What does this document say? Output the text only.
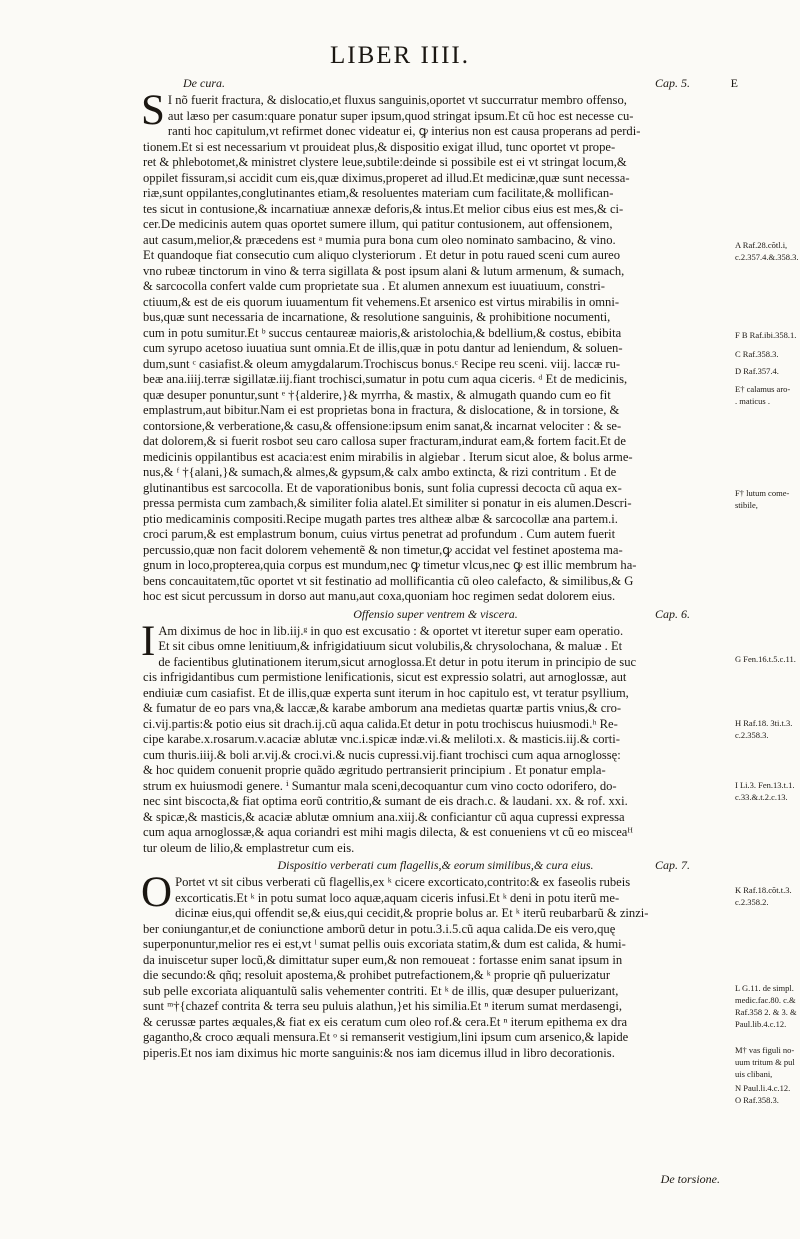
LIBER IIII.
De cura.	Cap. 5.	E
S I nõ fuerit fractura, & dislocatio,et fluxus sanguinis,oportet vt succurratur membro offenso,
aut læso per casum:quare ponatur super ipsum,quod stringat ipsum.Et cũ hoc est necesse cu-
ranti hoc capitulum,vt refirmet donec videatur ei, ꝙ interius non est causa properans ad perdi-
tionem.Et si est necessarium vt prouideat plus,& dispositio exigat illud, tunc oportet vt prope-
ret & phlebotomet,& ministret clystere leue,subtile:deinde si possibile est ei vt stringat locum,&
oppilet fissuram,si accidit cum eis,quæ diximus,properet ad illud.Et medicinæ,quæ sunt necessa-
riæ,sunt oppilantes,conglutinantes etiam,& resoluentes materiam cum facilitate,& mollifican-
tes sicut in contusione,& incarnatiuæ annexæ deforis,& intus.Et melior cibus eius est mes,& ci-
cer.De medicinis autem quas oportet sumere illum, qui patitur contusionem, aut offensionem,
aut casum,melior,& præcedens est ᵃ mumia pura bona cum oleo nominato sambacino, & vino.
Et quandoque fiat consecutio cum aliquo clysteriorum . Et detur in potu raued sceni cum aureo
vno rubeæ tinctorum in vino & terra sigillata & post ipsum alani & lutum armenum, & sumach,
& sarcocolla confert valde cum proprietate sua . Et alumen annexum est iuuatiuum, constri-
ctiuum,& est de eis quorum iuuamentum fit vehemens.Et arsenico est virtus mirabilis in omni-
bus,quæ sunt necessaria de incarnatione, & resolutione sanguinis, & prohibitione nocumenti,
cum in potu sumitur.Et ᵇ succus centaureæ maioris,& aristolochia,& bdellium,& costus, ebibita
cum syrupo acetoso iuuatiua sunt omnia.Et de illis,quæ in potu dantur ad leniendum, & soluen-
dum,sunt ᶜ casiafist.& oleum amygdalarum.Trochiscus bonus.ᶜ Recipe reu sceni. viij. laccæ ru-
beæ ana.iiij.terræ sigillatæ.iij.fiant trochisci,sumatur in potu cum aqua ciceris. ᵈ Et de medicinis,
quæ desuper ponuntur,sunt ᵉ †{alderire,}& myrrha, & mastix, & almugath quando cum eo fit
emplastrum,aut bibitur.Nam ei est proprietas bona in fractura, & dislocatione, & in torsione, &
contorsione,& verberatione,& casu,& offensione:ipsum enim sanat,& incarnat velociter : & se-
dat dolorem,& si fuerit rosbot seu caro callosa super fracturam,indurat eam,& fortem facit.Et de
medicinis oppilantibus est acacia:est enim mirabilis in algiebar . Iterum sicut aloe, & bolus arme-
nus,& ᶠ †{alani,}& sumach,& almes,& gypsum,& calx ambo extincta, & rizi contritum . Et de
glutinantibus est sarcocolla. Et de vaporationibus bonis, sunt folia cupressi decocta cũ aqua ex-
pressa permista cum zambach,& similiter folia alatel.Et similiter si ponatur in eis alumen.Descri-
ptio medicaminis compositi.Recipe mugath partes tres altheæ albæ & sarcocollæ ana partem.i.
croci parum,& est emplastrum bonum, cuius virtus penetrat ad profundum . Cum autem fuerit
percussio,quæ non facit dolorem vehementẽ & non timetur,ꝙ accidat vel festinet apostema ma-
gnum in loco,propterea,quia corpus est mundum,nec ꝙ timetur vlcus,nec ꝙ est illic membrum ha-
bens concauitatem,tũc oportet vt sit festinatio ad mollificantia cũ oleo calefacto, & similibus,& G
hoc est sicut percussum in dorso aut manu,aut coxa,quoniam hoc regimen sedat dolorem eius.
Offensio super ventrem & viscera.	Cap. 6.
I Am diximus de hoc in lib.iij.ᵍ in quo est excusatio : & oportet vt iteretur super eam operatio.
Et sit cibus omne lenitiuum,& infrigidatiuum sicut volubilis,& chrysolochana, & maluæ . Et
de facientibus glutinationem iterum,sicut arnoglossa.Et detur in potu iterum in principio de suc
cis infrigidantibus cum permistione lenificationis, sicut est expressio solatri, aut arnoglossæ, aut
endiuiæ cum casiafist. Et de illis,quæ experta sunt iterum in hoc capitulo est, vt teratur psyllium,
& fumatur de eo pars vna,& laccæ,& karabe amborum ana medietas quartæ partis vnius,& cro-
ci.vij.partis:& potio eius sit drach.ij.cũ aqua calida.Et detur in potu trochiscus huiusmodi.ʰ Re-
cipe karabe.x.rosarum.v.acaciæ ablutæ vnc.i.spicæ indæ.vi.& meliloti.x. & masticis.iij.& corti-
cum thuris.iiij.& boli ar.vij.& croci.vi.& nucis cupressi.vij.fiant trochisci cum aqua arnoglossę:
& hoc quidem conuenit proprie quãdo ægritudo pertransierit principium . Et ponatur empla-
strum ex huiusmodi genere. ⁱ Sumantur mala sceni,decoquantur cum vino cocto odorifero, do-
nec sint biscocta,& fiat optima eorũ contritio,& sumant de eis drach.c. & laudani. xx. & rof. xxi.
& spicæ,& masticis,& acaciæ ablutæ omnium ana.xiij.& conficiantur cũ aqua cupressi expressa
cum aqua arnoglossæ,& aqua coriandri est mihi magis dilecta, & est conueniens vt cũ eo misceaᴴ
tur oleum de lilio,& emplastretur cum eis.
Dispositio verberati cum flagellis,& eorum similibus,& cura eius.	Cap. 7.
O Portet vt sit cibus verberati cũ flagellis,ex ᵏ cicere excorticato,contrito:& ex faseolis rubeis
excorticatis.Et ᵏ in potu sumat loco aquæ,aquam ciceris infusi.Et ᵏ deni in potu iterũ me-
dicinæ eius,qui offendit se,& eius,qui cecidit,& proprie bolus ar. Et ᵏ iterũ reubarbarũ & zinzi-
ber coniungantur,et de coniunctione amborũ detur in potu.3.i.5.cũ aqua calida.De eis vero,quę
superponuntur,melior res ei est,vt ˡ sumat pellis ouis excoriata statim,& dum est calida, & humi-
da inuiscetur super locũ,& dimittatur super eum,& non remoueat : fortasse enim sanat ipsum in
die secundo:& qñq; resoluit apostema,& prohibet putrefactionem,& ᵏ proprie qñ puluerizatur
sub pelle excoriata aliquantulũ salis vehementer contriti. Et ᵏ de illis, quæ desuper puluerizant,
sunt ᵐ†{chazef contrita & terra seu puluis alathun,}et his similia.Et ⁿ iterum sumat merdasengi,
& cerussæ partes æquales,& fiat ex eis ceratum cum oleo rof.& cera.Et ⁿ iterum epithema ex dra
gagantho,& croco æquali mensura.Et ᵒ si remanserit vestigium,lini ipsum cum arsenico,& lapide
piperis.Et nos iam diximus hic morte sanguinis:& nos iam dicemus illud in libro decorationis.
De torsione.
A Raf.28.cõtl.i,
c.2.357.4.&.358.3.
F B Raf.ibi.358.1.
C Raf.358.3.
D Raf.357.4.
E† calamus aro-
. maticus .
F† lutum come-
stibile,
G Fen.16.t.5.c.11.
H Raf.18. 3ti.t.3.
c.2.358.3.
I Li.3. Fen.13.t.1.
c.33.&.t.2.c.13.
K Raf.18.cõt.t.3.
c.2.358.2.
L G.11. de simpl.
medic.fac.80. c.&
Raf.358 2. & 3. &
Paul.lib.4.c.12.
M† vas figuli no-
uum tritum & pul
uis clibani,
N Paul.li.4.c.12.
O Raf.358.3.
